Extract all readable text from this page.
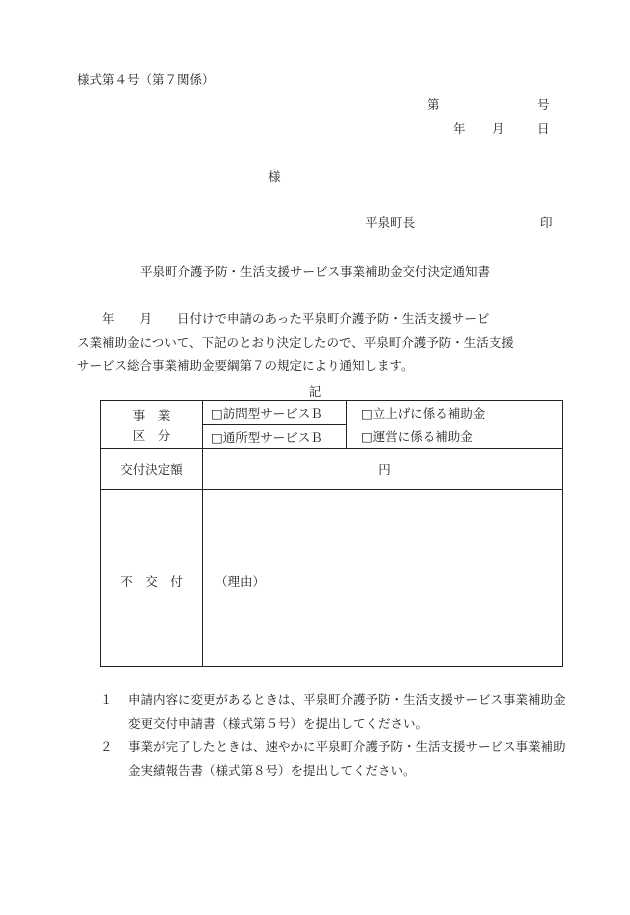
様式第４号（第７関係）
第	号
年 月	日
様
平泉町長	印
平泉町介護予防・生活支援サービス事業補助金交付決定通知書

　　年　　月　　日付けで申請のあった平泉町介護予防・生活支援サービ

ス業補助金について、下記のとおり決定したので、平泉町介護予防・生活支援

サービス総合事業補助金要綱第７の規定により通知します。

記
事　業	□訪問型サービスＢ	□立上げに係る補助金
区　分	□通所型サービスＢ	□運営に係る補助金
交付決定額	円	
不　交　付	（理由）	
１	申請内容に変更があるときは、平泉町介護予防・生活支援サービス事業補助金変更交付申請書（様式第５号）を提出してください。
２	事業が完了したときは、速やかに平泉町介護予防・生活支援サービス事業補助金実績報告書（様式第８号）を提出してください。
